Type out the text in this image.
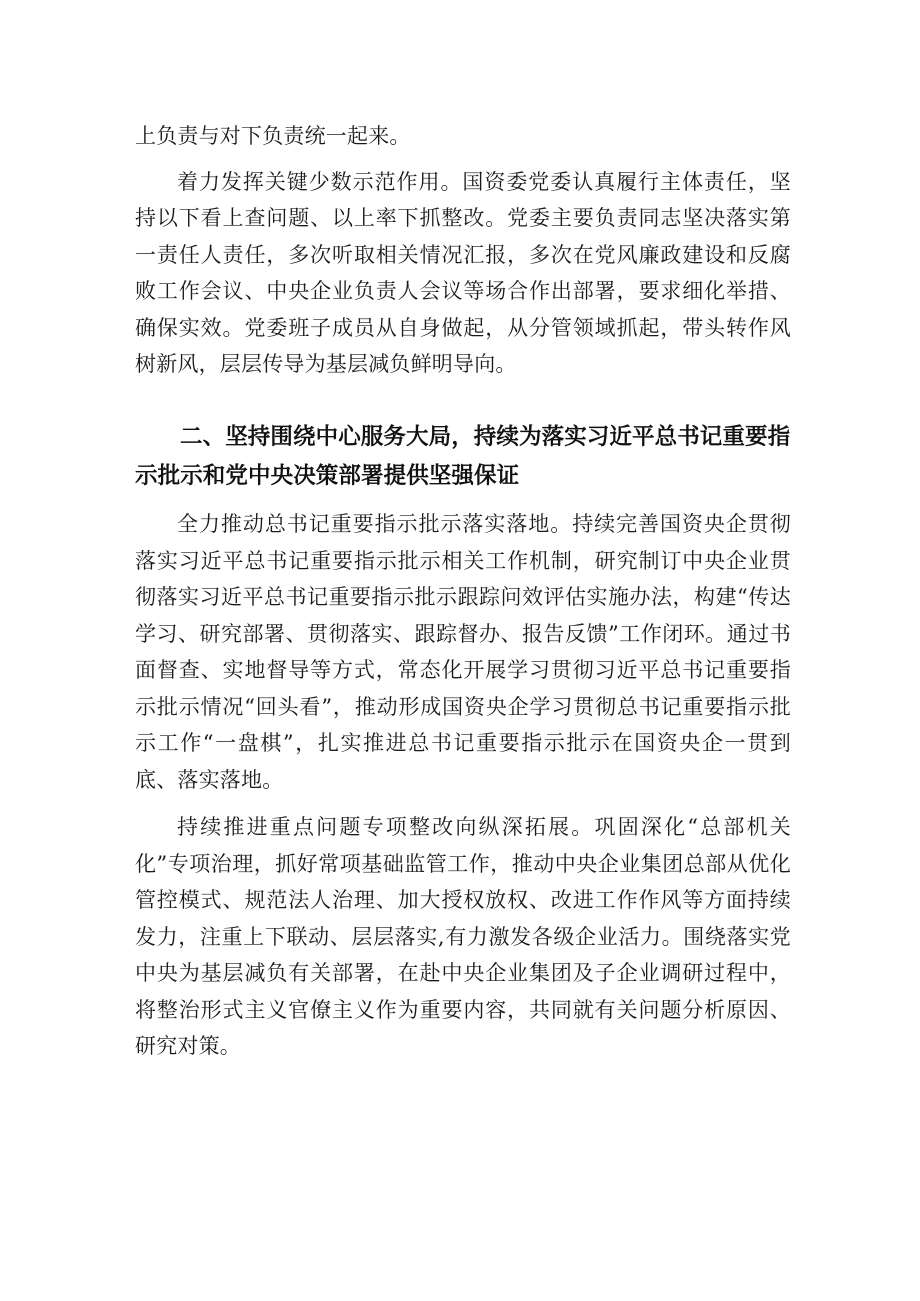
上负责与对下负责统一起来。

着力发挥关键少数示范作用。国资委党委认真履行主体责任，坚持以下看上查问题、以上率下抓整改。党委主要负责同志坚决落实第一责任人责任，多次听取相关情况汇报，多次在党风廉政建设和反腐败工作会议、中央企业负责人会议等场合作出部署，要求细化举措、确保实效。党委班子成员从自身做起，从分管领域抓起，带头转作风树新风，层层传导为基层减负鲜明导向。

二、坚持围绕中心服务大局，持续为落实习近平总书记重要指示批示和党中央决策部署提供坚强保证

全力推动总书记重要指示批示落实落地。持续完善国资央企贯彻落实习近平总书记重要指示批示相关工作机制，研究制订中央企业贯彻落实习近平总书记重要指示批示跟踪问效评估实施办法，构建“传达学习、研究部署、贯彻落实、跟踪督办、报告反馈”工作闭环。通过书面督查、实地督导等方式，常态化开展学习贯彻习近平总书记重要指示批示情况“回头看”，推动形成国资央企学习贯彻总书记重要指示批示工作“一盘棋”，扎实推进总书记重要指示批示在国资央企一贯到底、落实落地。

持续推进重点问题专项整改向纵深拓展。巩固深化“总部机关化”专项治理，抓好常项基础监管工作，推动中央企业集团总部从优化管控模式、规范法人治理、加大授权放权、改进工作作风等方面持续发力，注重上下联动、层层落实,有力激发各级企业活力。围绕落实党中央为基层减负有关部署，在赴中央企业集团及子企业调研过程中，将整治形式主义官僚主义作为重要内容，共同就有关问题分析原因、研究对策。
